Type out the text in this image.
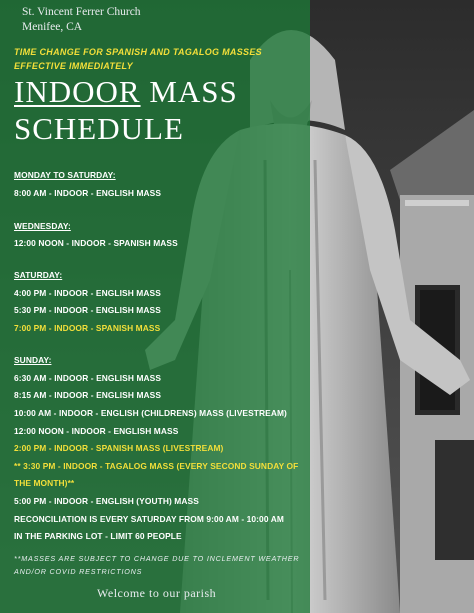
St. Vincent Ferrer Church
Menifee, CA
TIME CHANGE FOR SPANISH AND TAGALOG MASSES
EFFECTIVE IMMEDIATELY
INDOOR MASS
SCHEDULE
MONDAY TO SATURDAY:
8:00 AM - INDOOR - ENGLISH MASS
WEDNESDAY:
12:00 NOON - INDOOR - SPANISH MASS
SATURDAY:
4:00 PM - INDOOR - ENGLISH MASS
5:30 PM - INDOOR - ENGLISH MASS
7:00 PM - INDOOR - SPANISH MASS
SUNDAY:
6:30 AM - INDOOR - ENGLISH MASS
8:15 AM - INDOOR - ENGLISH MASS
10:00 AM - INDOOR - ENGLISH (CHILDRENS) MASS (LIVESTREAM)
12:00 NOON - INDOOR - ENGLISH MASS
2:00 PM - INDOOR - SPANISH MASS (LIVESTREAM)
** 3:30 PM - INDOOR - TAGALOG MASS (EVERY SECOND SUNDAY OF
THE MONTH)**
5:00 PM - INDOOR - ENGLISH (YOUTH) MASS
RECONCILIATION IS EVERY SATURDAY FROM 9:00 AM - 10:00 AM
IN THE PARKING LOT - LIMIT 60 PEOPLE
**MASSES ARE SUBJECT TO CHANGE DUE TO INCLEMENT WEATHER
AND/OR COVID RESTRICTIONS
Welcome to our parish
